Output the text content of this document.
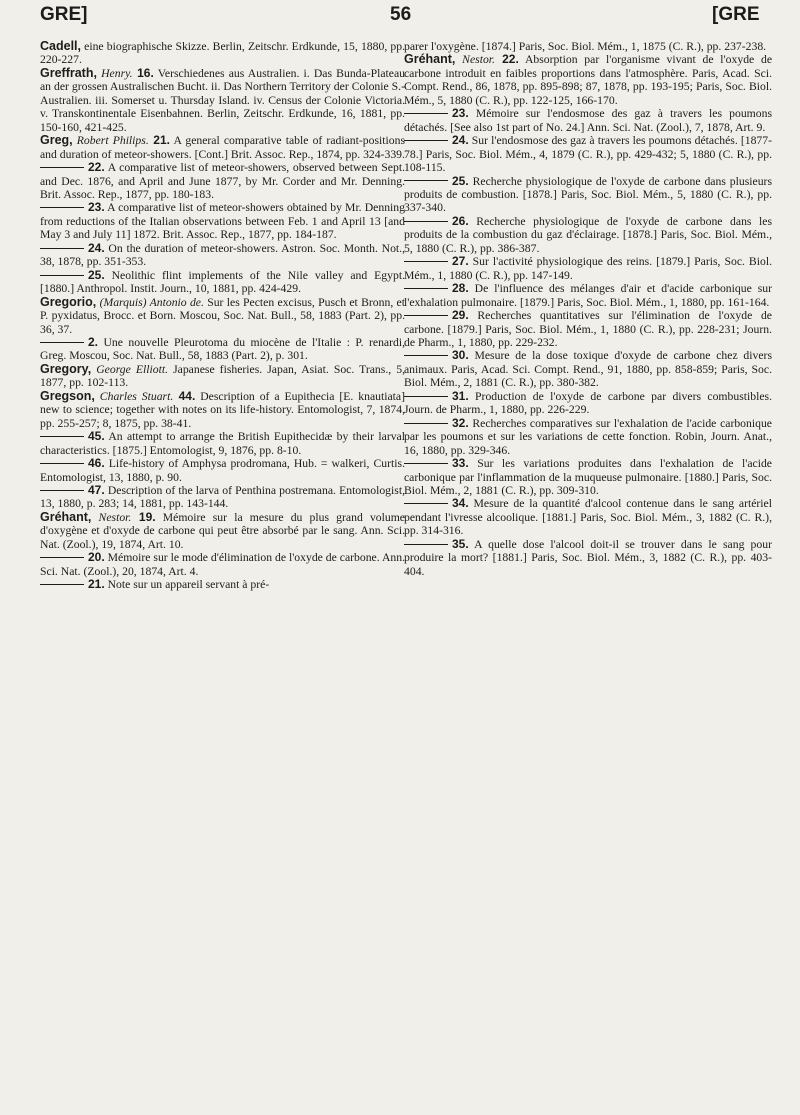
GRE]	56	[GRE

Cadell, eine biographische Skizze. Berlin, Zeitschr. Erdkunde, 15, 1880, pp. 220-227.

Greffrath, Henry. 16. Verschiedenes aus Australien. i. Das Bunda-Plateau an der grossen Australischen Bucht. ii. Das Northern Territory der Colonie S.-Australien. iii. Somerset u. Thursday Island. iv. Census der Colonie Victoria. v. Transkontinentale Eisenbahnen. Berlin, Zeitschr. Erdkunde, 16, 1881, pp. 150-160, 421-425.

Greg, Robert Philips. 21. A general comparative table of radiant-positions and duration of meteor-showers. [Cont.] Brit. Assoc. Rep., 1874, pp. 324-339.

22. A comparative list of meteor-showers, observed between Sept. and Dec. 1876, and April and June 1877, by Mr. Corder and Mr. Denning. Brit. Assoc. Rep., 1877, pp. 180-183.

23. A comparative list of meteor-showers obtained by Mr. Denning from reductions of the Italian observations between Feb. 1 and April 13 [and May 3 and July 11] 1872. Brit. Assoc. Rep., 1877, pp. 184-187.

24. On the duration of meteor-showers. Astron. Soc. Month. Not., 38, 1878, pp. 351-353.

25. Neolithic flint implements of the Nile valley and Egypt. [1880.] Anthropol. Instit. Journ., 10, 1881, pp. 424-429.

Gregorio, (Marquis) Antonio de. Sur les Pecten excisus, Pusch et Bronn, et P. pyxidatus, Brocc. et Born. Moscou, Soc. Nat. Bull., 58, 1883 (Part. 2), pp. 36, 37.

2. Une nouvelle Pleurotoma du miocène de l'Italie : P. renardi, Greg. Moscou, Soc. Nat. Bull., 58, 1883 (Part. 2), p. 301.

Gregory, George Elliott. Japanese fisheries. Japan, Asiat. Soc. Trans., 5, 1877, pp. 102-113.

Gregson, Charles Stuart. 44. Description of a Eupithecia [E. knautiata] new to science; together with notes on its life-history. Entomologist, 7, 1874, pp. 255-257; 8, 1875, pp. 38-41.

45. An attempt to arrange the British Eupithecidæ by their larval characteristics. [1875.] Entomologist, 9, 1876, pp. 8-10.

46. Life-history of Amphysa prodromana, Hub. = walkeri, Curtis. Entomologist, 13, 1880, p. 90.

47. Description of the larva of Penthina postremana. Entomologist, 13, 1880, p. 283; 14, 1881, pp. 143-144.

Gréhant, Nestor. 19. Mémoire sur la mesure du plus grand volume d'oxygène et d'oxyde de carbone qui peut être absorbé par le sang. Ann. Sci. Nat. (Zool.), 19, 1874, Art. 10.

20. Mémoire sur le mode d'élimination de l'oxyde de carbone. Ann. Sci. Nat. (Zool.), 20, 1874, Art. 4.

21. Note sur un appareil servant à pré-

parer l'oxygène. [1874.] Paris, Soc. Biol. Mém., 1, 1875 (C. R.), pp. 237-238.

Gréhant, Nestor. 22. Absorption par l'organisme vivant de l'oxyde de carbone introduit en faibles proportions dans l'atmosphère. Paris, Acad. Sci. Compt. Rend., 86, 1878, pp. 895-898; 87, 1878, pp. 193-195; Paris, Soc. Biol. Mém., 5, 1880 (C. R.), pp. 122-125, 166-170.

23. Mémoire sur l'endosmose des gaz à travers les poumons détachés. [See also 1st part of No. 24.] Ann. Sci. Nat. (Zool.), 7, 1878, Art. 9.

24. Sur l'endosmose des gaz à travers les poumons détachés. [1877-78.] Paris, Soc. Biol. Mém., 4, 1879 (C. R.), pp. 429-432; 5, 1880 (C. R.), pp. 108-115.

25. Recherche physiologique de l'oxyde de carbone dans plusieurs produits de combustion. [1878.] Paris, Soc. Biol. Mém., 5, 1880 (C. R.), pp. 337-340.

26. Recherche physiologique de l'oxyde de carbone dans les produits de la combustion du gaz d'éclairage. [1878.] Paris, Soc. Biol. Mém., 5, 1880 (C. R.), pp. 386-387.

27. Sur l'activité physiologique des reins. [1879.] Paris, Soc. Biol. Mém., 1, 1880 (C. R.), pp. 147-149.

28. De l'influence des mélanges d'air et d'acide carbonique sur l'exhalation pulmonaire. [1879.] Paris, Soc. Biol. Mém., 1, 1880, pp. 161-164.

29. Recherches quantitatives sur l'élimination de l'oxyde de carbone. [1879.] Paris, Soc. Biol. Mém., 1, 1880 (C. R.), pp. 228-231; Journ. de Pharm., 1, 1880, pp. 229-232.

30. Mesure de la dose toxique d'oxyde de carbone chez divers animaux. Paris, Acad. Sci. Compt. Rend., 91, 1880, pp. 858-859; Paris, Soc. Biol. Mém., 2, 1881 (C. R.), pp. 380-382.

31. Production de l'oxyde de carbone par divers combustibles. Journ. de Pharm., 1, 1880, pp. 226-229.

32. Recherches comparatives sur l'exhalation de l'acide carbonique par les poumons et sur les variations de cette fonction. Robin, Journ. Anat., 16, 1880, pp. 329-346.

33. Sur les variations produites dans l'exhalation de l'acide carbonique par l'inflammation de la muqueuse pulmonaire. [1880.] Paris, Soc. Biol. Mém., 2, 1881 (C. R.), pp. 309-310.

34. Mesure de la quantité d'alcool contenue dans le sang artériel pendant l'ivresse alcoolique. [1881.] Paris, Soc. Biol. Mém., 3, 1882 (C. R.), pp. 314-316.

35. A quelle dose l'alcool doit-il se trouver dans le sang pour produire la mort? [1881.] Paris, Soc. Biol. Mém., 3, 1882 (C. R.), pp. 403-404.
